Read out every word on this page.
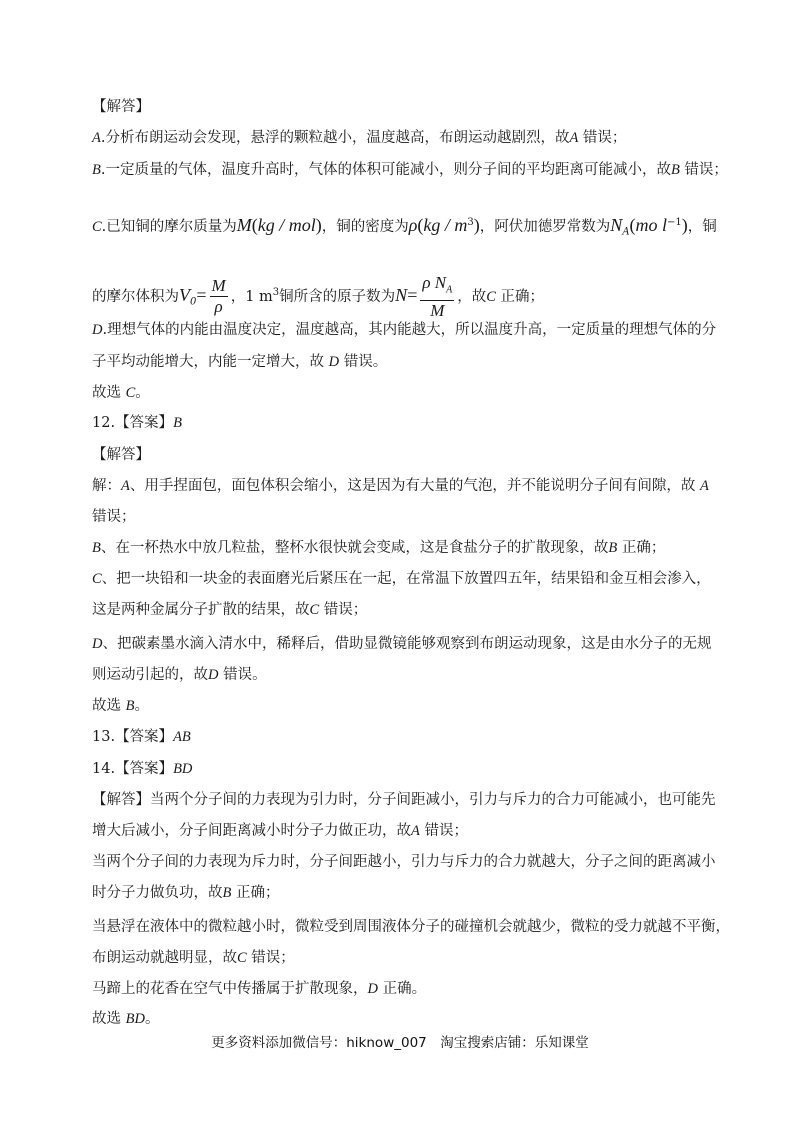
【解答】
A.分析布朗运动会发现，悬浮的颗粒越小，温度越高，布朗运动越剧烈，故A 错误；
B.一定质量的气体，温度升高时，气体的体积可能减小，则分子间的平均距离可能减小，故B 错误；
C.已知铜的摩尔质量为M(kg / mol)，铜的密度为$\rho(kg / m^3)$，阿伏加德罗常数为$N_A(mo$ $l^{-1}$)，铜
的摩尔体积为$V_0= \frac{M}{\rho}$ ，1 $m^3$铜所含的原子数为$N= \frac{\rho N_A}{M}$ ，故C 正确；
D.理想气体的内能由温度决定，温度越高，其内能越大，所以温度升高，一定质量的理想气体的分
子平均动能增大，内能一定增大，故 D 错误。
故选 C。
12.【答案】B
【解答】
解：A、用手捏面包，面包体积会缩小，这是因为有大量的气泡，并不能说明分子间有间隙，故 A
错误；
B、在一杯热水中放几粒盐，整杯水很快就会变咸，这是食盐分子的扩散现象，故B 正确；
C、把一块铅和一块金的表面磨光后紧压在一起，在常温下放置四五年，结果铅和金互相会渗入，
这是两种金属分子扩散的结果，故C 错误；
D、把碳素墨水滴入清水中，稀释后，借助显微镜能够观察到布朗运动现象，这是由水分子的无规
则运动引起的，故D 错误。
故选 B。
13.【答案】AB
14.【答案】BD
【解答】当两个分子间的力表现为引力时，分子间距减小，引力与斥力的合力可能减小，也可能先
增大后减小，分子间距离减小时分子力做正功，故A 错误；
当两个分子间的力表现为斥力时，分子间距越小，引力与斥力的合力就越大，分子之间的距离减小
时分子力做负功，故B 正确；
当悬浮在液体中的微粒越小时，微粒受到周围液体分子的碰撞机会就越少，微粒的受力就越不平衡，
布朗运动就越明显，故C 错误；
马蹄上的花香在空气中传播属于扩散现象，D 正确。
故选 BD。
更多资料添加微信号：hiknow_007　淘宝搜索店铺：乐知课堂
